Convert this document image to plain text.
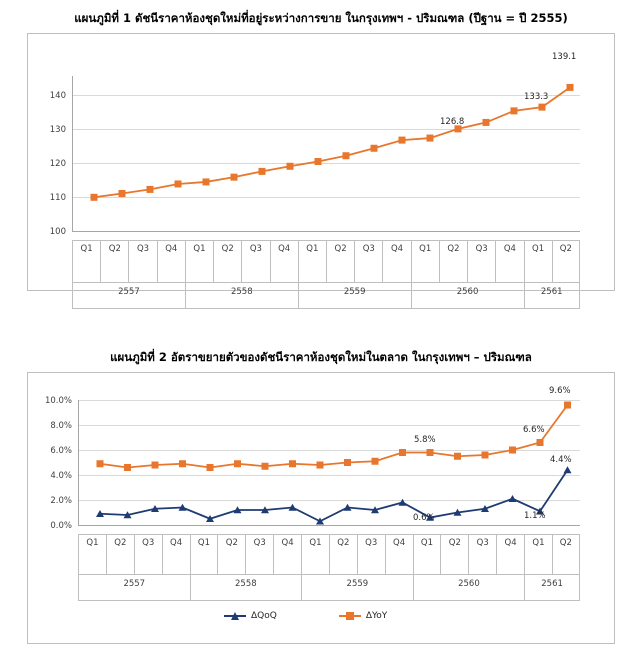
แผนภูมิที่ 1 ดัชนีราคาห้องชุดใหม่ที่อยู่ระหว่างการขาย ในกรุงเทพฯ - ปริมณฑล (ปีฐาน = ปี 2555)
140
130
120
110
100
126.8
133.3
139.1
Q1	Q2	Q3	Q4	Q1	Q2	Q3	Q4	Q1	Q2	Q3	Q4	Q1	Q2	Q3	Q4	Q1	Q2
2557	2558	2559	2560	2561
แผนภูมิที่ 2 อัตราขยายตัวของดัชนีราคาห้องชุดใหม่ในตลาด ในกรุงเทพฯ – ปริมณฑล
10.0%
8.0%
6.0%
4.0%
2.0%
0.0%
5.8%
6.6%
9.6%
0.6%	1.1%
4.4%
Q1	Q2	Q3	Q4	Q1	Q2	Q3	Q4	Q1	Q2	Q3	Q4	Q1	Q2	Q3	Q4	Q1	Q2
2557	2558	2559	2560	2561
ΔQoQ	ΔYoY
